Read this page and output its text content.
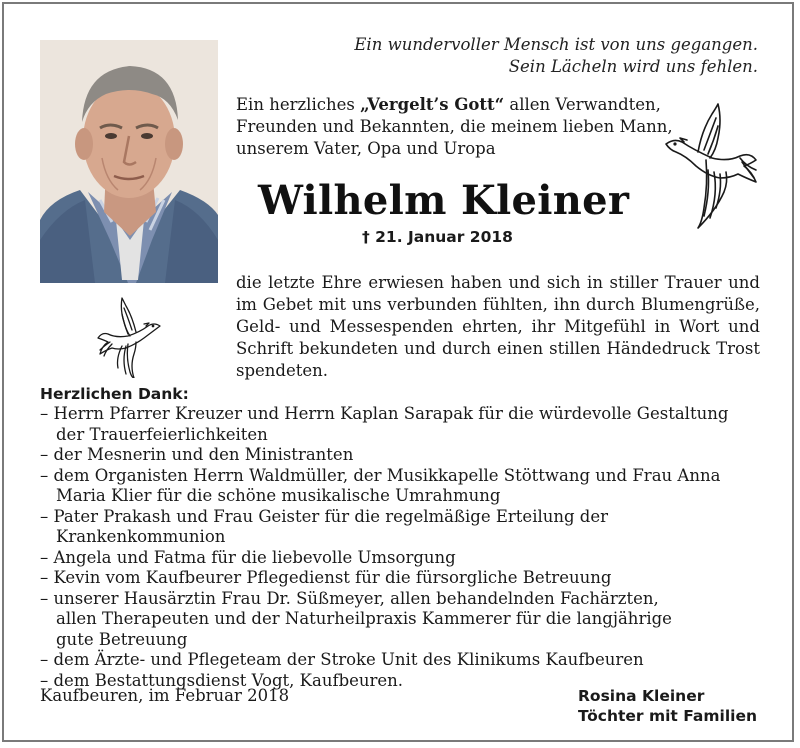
Ein wundervoller Mensch ist von uns gegangen.
Sein Lächeln wird uns fehlen.
Ein herzliches „Vergelt’s Gott“ allen Verwandten,
Freunden und Bekannten, die meinem lieben Mann,
unserem Vater, Opa und Uropa
Wilhelm Kleiner
† 21. Januar 2018
die letzte Ehre erwiesen haben und sich in stiller Trauer und
im Gebet mit uns verbunden fühlten, ihn durch Blumengrüße,
Geld- und Messespenden ehrten, ihr Mitgefühl in Wort und
Schrift bekundeten und durch einen stillen Händedruck Trost
spendeten.
Herzlichen Dank:
– Herrn Pfarrer Kreuzer und Herrn Kaplan Sarapak für die würdevolle Gestaltung
der Trauerfeierlichkeiten
– der Mesnerin und den Ministranten
– dem Organisten Herrn Waldmüller, der Musikkapelle Stöttwang und Frau Anna
Maria Klier für die schöne musikalische Umrahmung
– Pater Prakash und Frau Geister für die regelmäßige Erteilung der Krankenkommunion
– Angela und Fatma für die liebevolle Umsorgung
– Kevin vom Kaufbeurer Pflegedienst für die fürsorgliche Betreuung
– unserer Hausärztin Frau Dr. Süßmeyer, allen behandelnden Fachärzten,
allen Therapeuten und der Naturheilpraxis Kammerer für die langjährige
gute Betreuung
– dem Ärzte- und Pflegeteam der Stroke Unit des Klinikums Kaufbeuren
– dem Bestattungsdienst Vogt, Kaufbeuren.
Kaufbeuren, im Februar 2018	Rosina Kleiner
Töchter mit Familien
